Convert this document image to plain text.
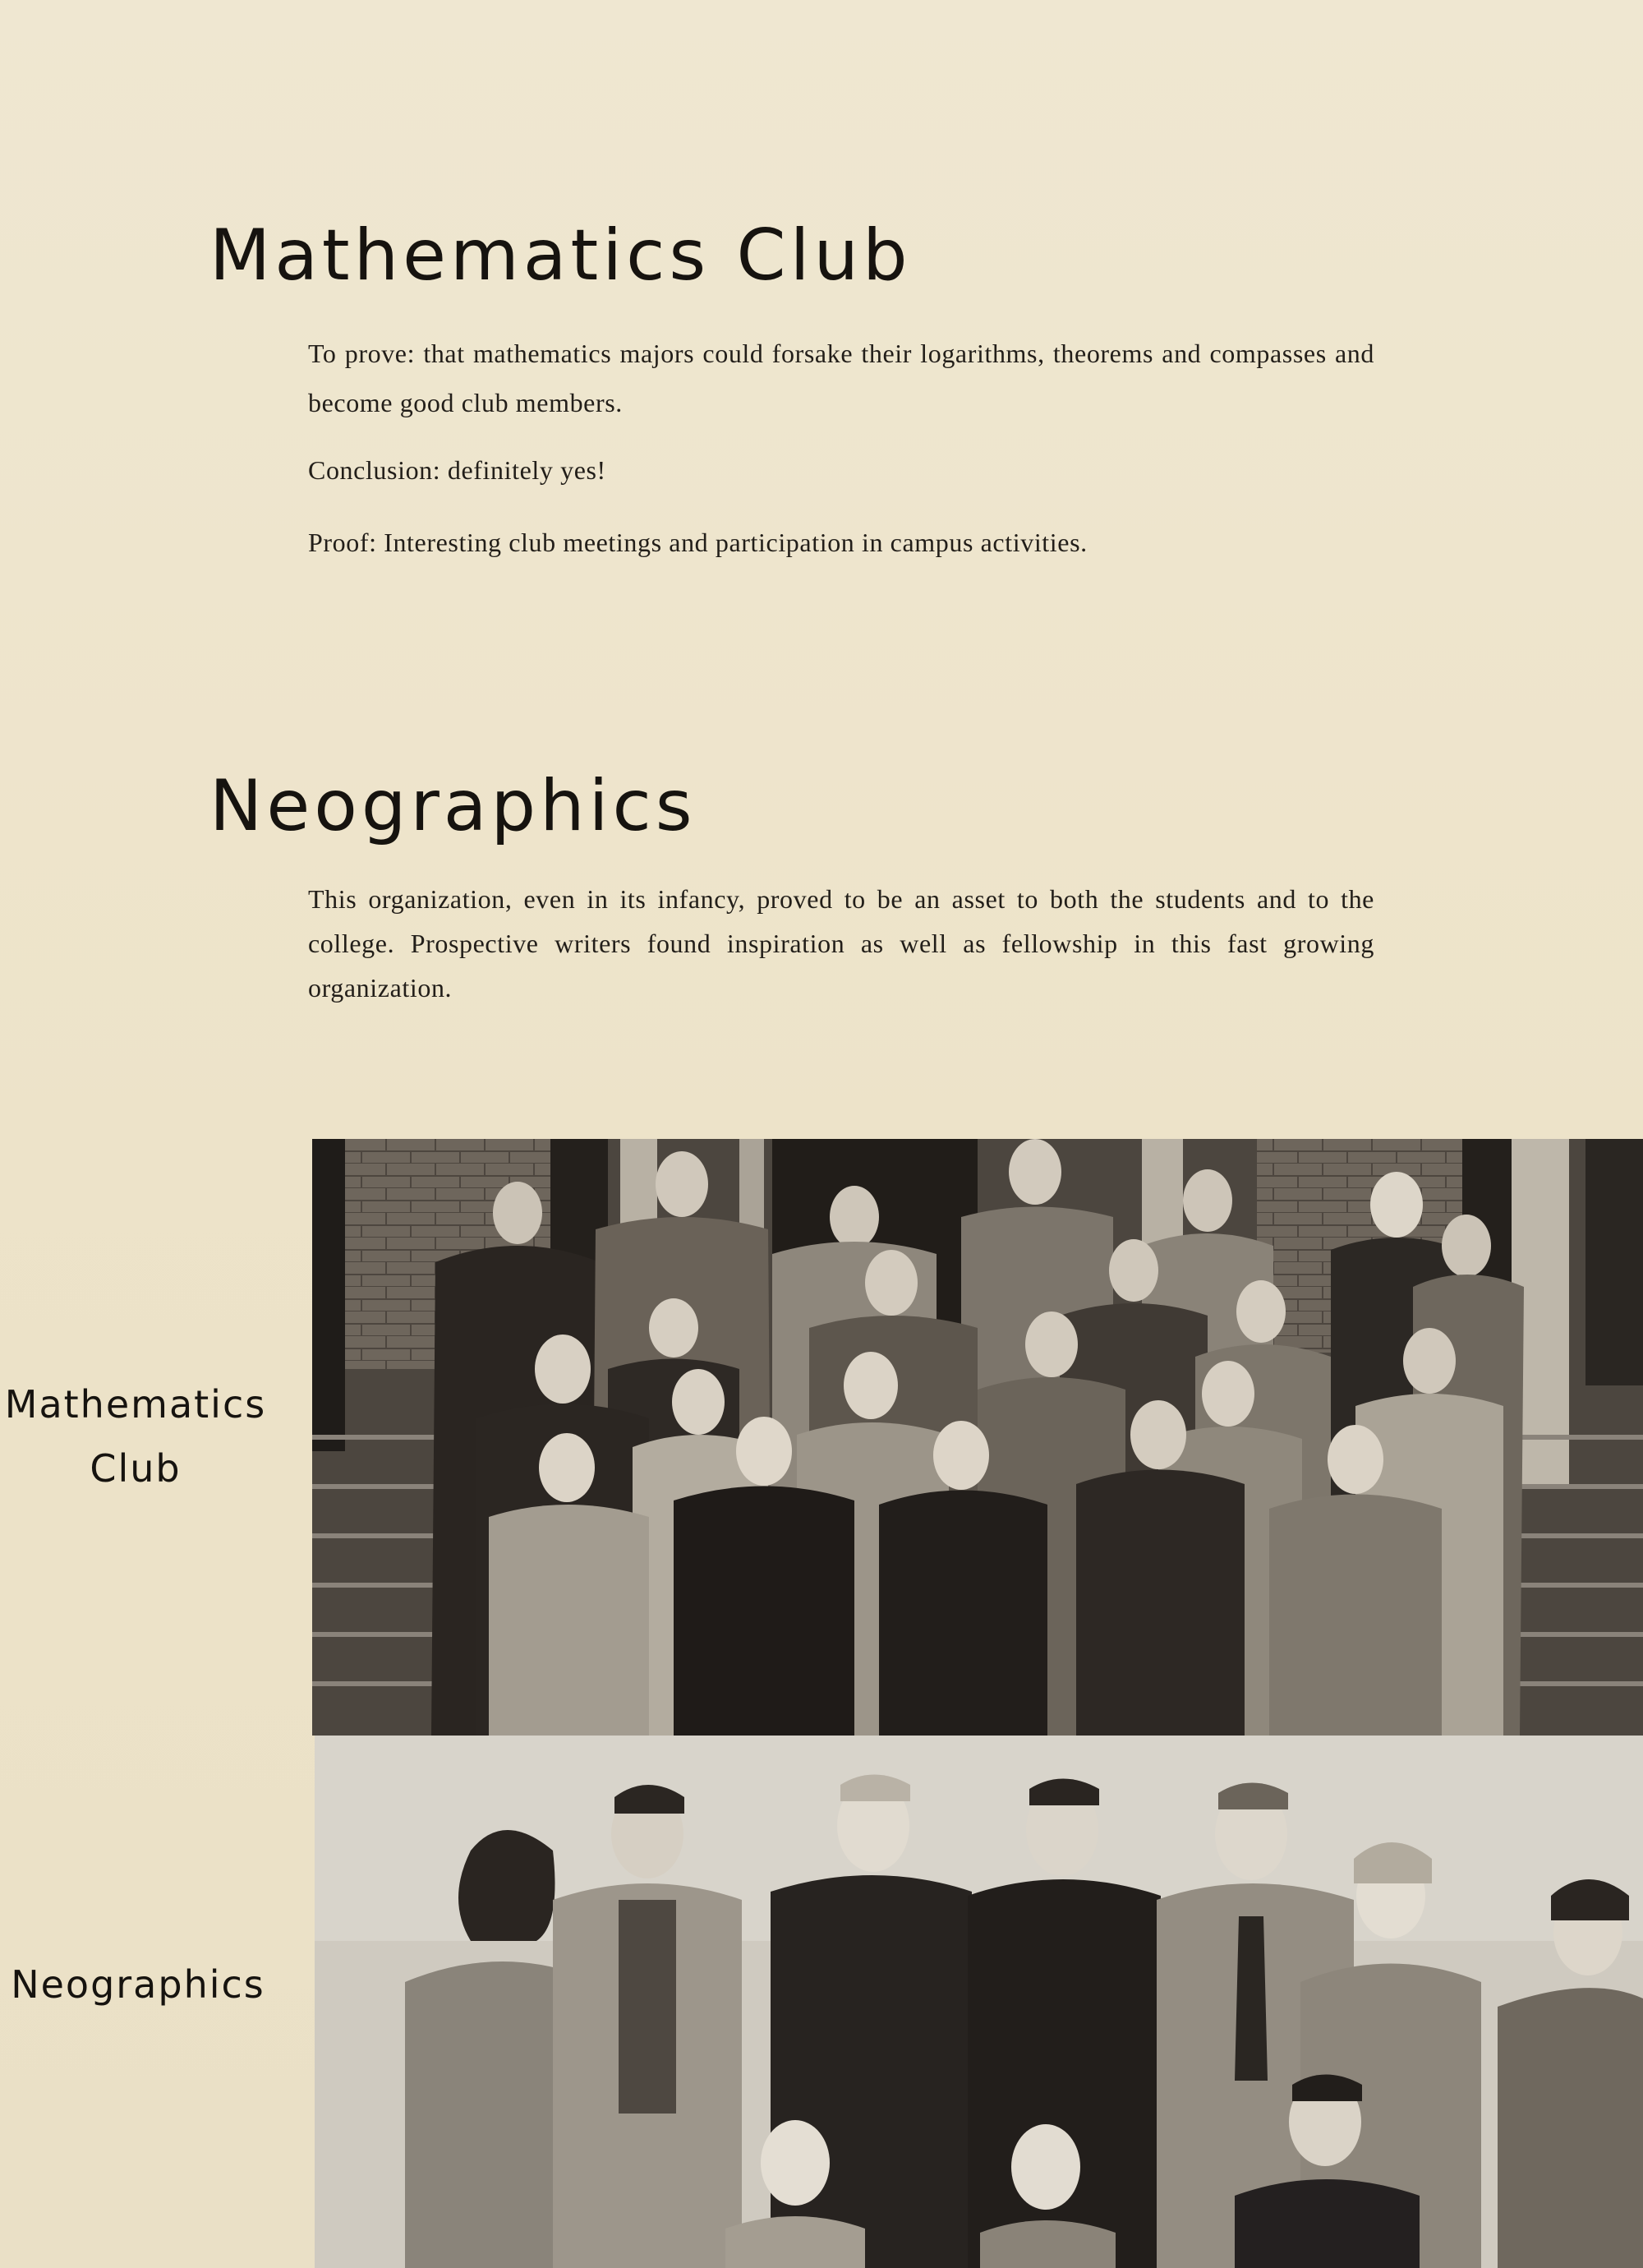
Mathematics Club

To prove: that mathematics majors could forsake their logarithms, theorems and compasses and become good club members.

Conclusion: definitely yes!

Proof: Interesting club meetings and participation in campus activities.

Neographics

This organization, even in its infancy, proved to be an asset to both the students and to the college. Prospective writers found inspiration as well as fellowship in this fast growing organization.

Mathematics
Club
Neographics
